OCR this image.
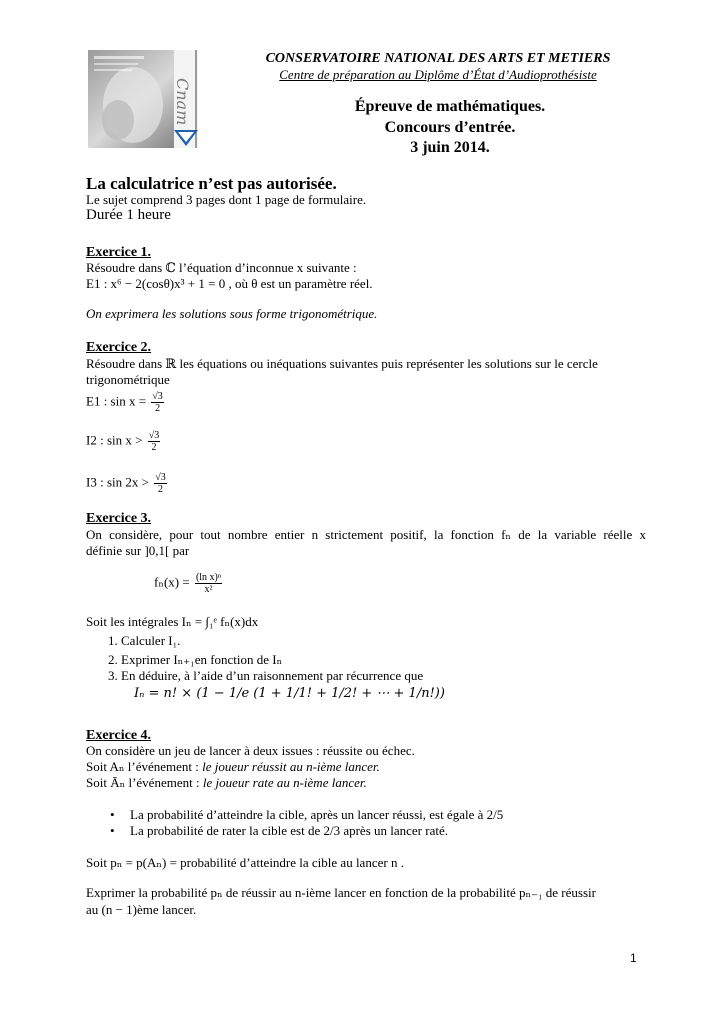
Cnam
CONSERVATOIRE NATIONAL DES ARTS ET METIERS
Centre de préparation au Diplôme d’État d’Audioprothésiste
Épreuve de mathématiques.
Concours d’entrée.
3 juin 2014.
La calculatrice n’est pas autorisée.
Le sujet comprend 3 pages dont 1 page de formulaire.
Durée 1 heure
Exercice 1.
Résoudre dans ℂ l’équation d’inconnue x suivante :
E1 : x⁶ − 2(cosθ)x³ + 1 = 0 , où θ est un paramètre réel.
On exprimera les solutions sous forme trigonométrique.
Exercice 2.
Résoudre dans ℝ les équations ou inéquations suivantes puis représenter les solutions sur le cercle
trigonométrique
E1 : $\sin x = \frac{√3}{2}$
I2 : $\sin x > \frac{√3}{2}$
I3 : $\sin 2x > \frac{√3}{2}$
Exercice 3.
On considère, pour tout nombre entier n strictement positif, la fonction fₙ de la variable réelle x
définie sur ]0,1[ par
$f_n(x) = \frac{\text{(ln x)ⁿ}}{\text{x²}}$
Soit les intégrales Iₙ = ∫₁ᵉ fₙ(x)dx
1. Calculer I₁.
2. Exprimer Iₙ₊₁en fonction de Iₙ
3. En déduire, à l’aide d’un raisonnement par récurrence que
Iₙ = n! × (1 − 1/e (1 + 1/1! + 1/2! + ⋯ + 1/n!))
Exercice 4.
On considère un jeu de lancer à deux issues : réussite ou échec.
Soit Aₙ l’événement : le joueur réussit au n-ième lancer.
Soit Āₙ l’événement : le joueur rate au n-ième lancer.
• La probabilité d’atteindre la cible, après un lancer réussi, est égale à 2/5
• La probabilité de rater la cible est de 2/3 après un lancer raté.
Soit pₙ = p(Aₙ) = probabilité d’atteindre la cible au lancer n .
Exprimer la probabilité pₙ de réussir au n-ième lancer en fonction de la probabilité pₙ₋₁ de réussir
au (n − 1)ème lancer.
1
